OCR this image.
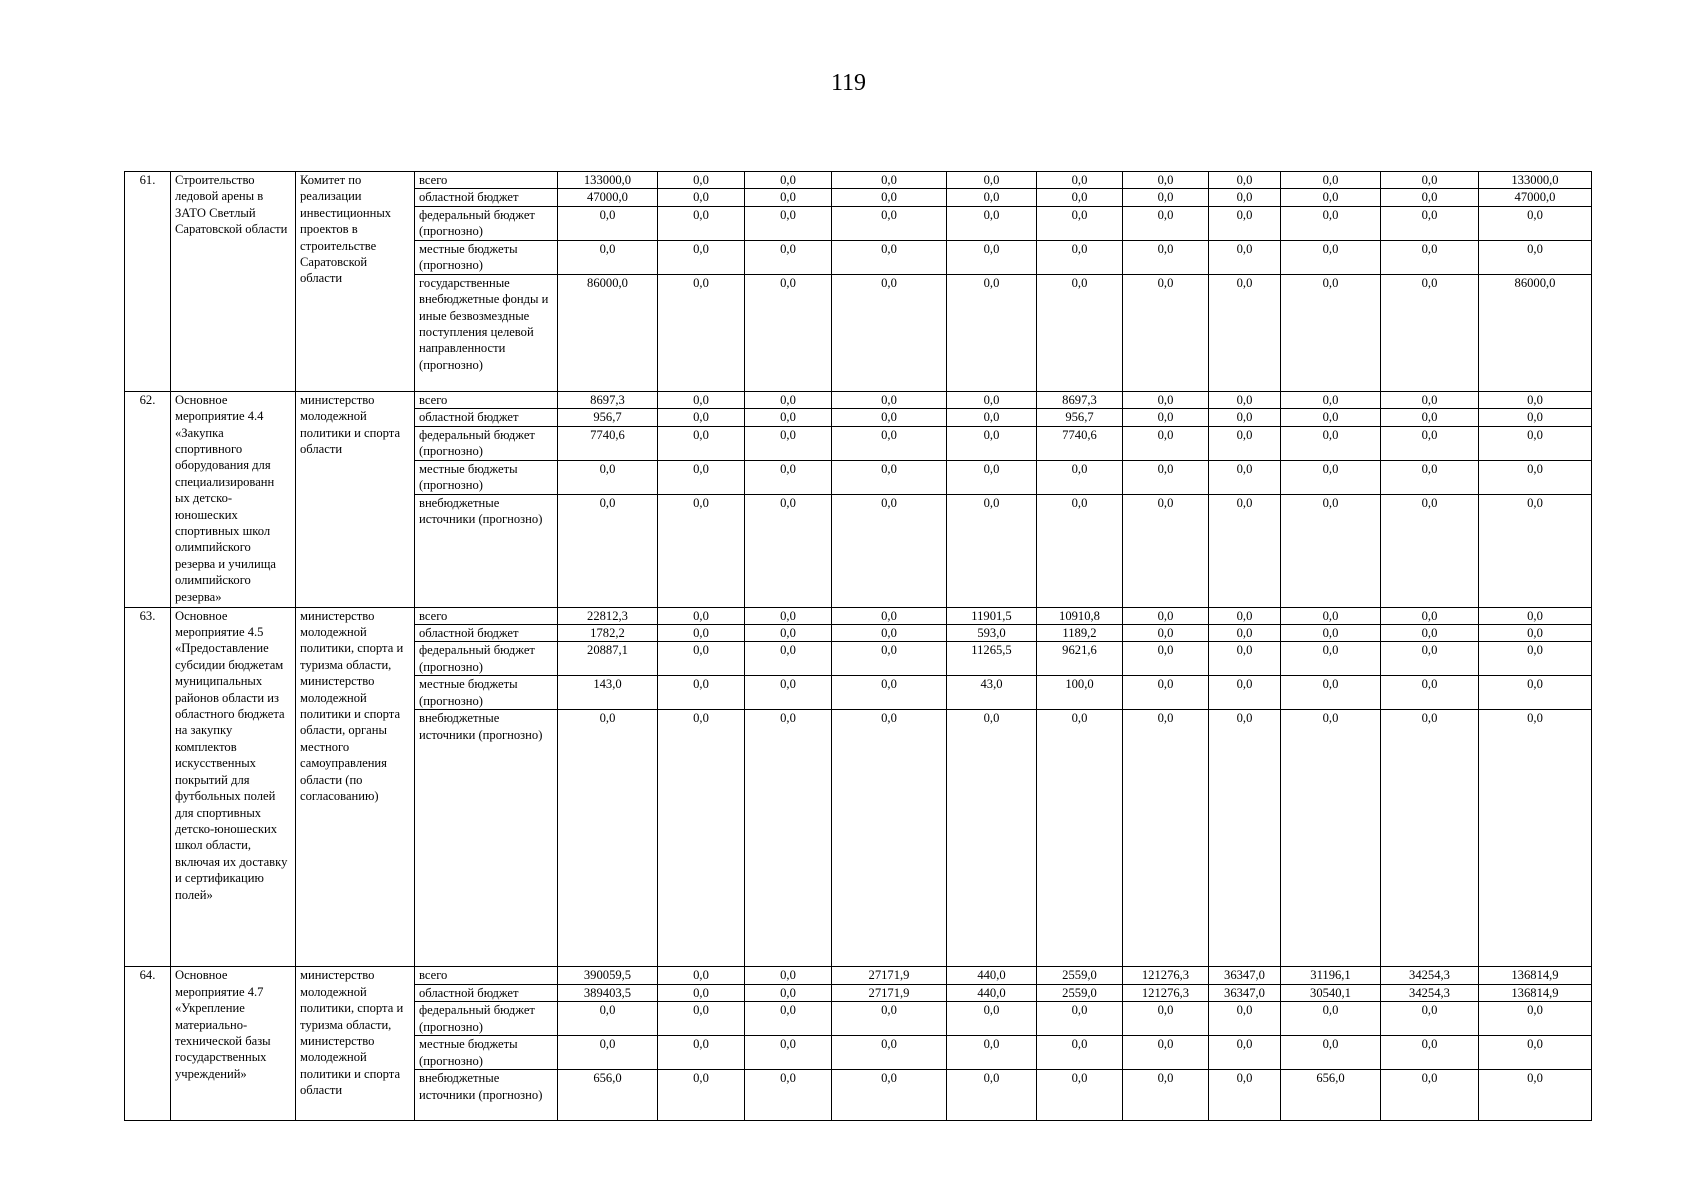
119
61.	Строительство ледовой арены в ЗАТО Светлый Саратовской области	Комитет по реализации инвестиционных проектов в строительстве Саратовской области	всего	133000,0	0,0	0,0	0,0	0,0	0,0	0,0	0,0	0,0	0,0	133000,0
			областной бюджет	47000,0	0,0	0,0	0,0	0,0	0,0	0,0	0,0	0,0	0,0	47000,0
			федеральный бюджет (прогнозно)	0,0	0,0	0,0	0,0	0,0	0,0	0,0	0,0	0,0	0,0	0,0
			местные бюджеты (прогнозно)	0,0	0,0	0,0	0,0	0,0	0,0	0,0	0,0	0,0	0,0	0,0
			государственные внебюджетные фонды и иные безвозмездные поступления целевой направленности (прогнозно)	86000,0	0,0	0,0	0,0	0,0	0,0	0,0	0,0	0,0	0,0	86000,0
62.	Основное мероприятие 4.4 «Закупка спортивного оборудования для специализированн ых детско-юношеских спортивных школ олимпийского резерва и училища олимпийского резерва»	министерство молодежной политики и спорта области	всего	8697,3	0,0	0,0	0,0	0,0	8697,3	0,0	0,0	0,0	0,0	0,0
			областной бюджет	956,7	0,0	0,0	0,0	0,0	956,7	0,0	0,0	0,0	0,0	0,0
			федеральный бюджет (прогнозно)	7740,6	0,0	0,0	0,0	0,0	7740,6	0,0	0,0	0,0	0,0	0,0
			местные бюджеты (прогнозно)	0,0	0,0	0,0	0,0	0,0	0,0	0,0	0,0	0,0	0,0	0,0
			внебюджетные источники (прогнозно)	0,0	0,0	0,0	0,0	0,0	0,0	0,0	0,0	0,0	0,0	0,0
63.	Основное мероприятие 4.5 «Предоставление субсидии бюджетам муниципальных районов области из областного бюджета на закупку комплектов искусственных покрытий для футбольных полей для спортивных детско-юношеских школ области, включая их доставку и сертификацию полей»	министерство молодежной политики, спорта и туризма области, министерство молодежной политики и спорта области, органы местного самоуправления области (по согласованию)	всего	22812,3	0,0	0,0	0,0	11901,5	10910,8	0,0	0,0	0,0	0,0	0,0
			областной бюджет	1782,2	0,0	0,0	0,0	593,0	1189,2	0,0	0,0	0,0	0,0	0,0
			федеральный бюджет (прогнозно)	20887,1	0,0	0,0	0,0	11265,5	9621,6	0,0	0,0	0,0	0,0	0,0
			местные бюджеты (прогнозно)	143,0	0,0	0,0	0,0	43,0	100,0	0,0	0,0	0,0	0,0	0,0
			внебюджетные источники (прогнозно)	0,0	0,0	0,0	0,0	0,0	0,0	0,0	0,0	0,0	0,0	0,0
64.	Основное мероприятие 4.7 «Укрепление материально-технической базы государственных учреждений»	министерство молодежной политики, спорта и туризма области, министерство молодежной политики и спорта области	всего	390059,5	0,0	0,0	27171,9	440,0	2559,0	121276,3	36347,0	31196,1	34254,3	136814,9
			областной бюджет	389403,5	0,0	0,0	27171,9	440,0	2559,0	121276,3	36347,0	30540,1	34254,3	136814,9
			федеральный бюджет (прогнозно)	0,0	0,0	0,0	0,0	0,0	0,0	0,0	0,0	0,0	0,0	0,0
			местные бюджеты (прогнозно)	0,0	0,0	0,0	0,0	0,0	0,0	0,0	0,0	0,0	0,0	0,0
			внебюджетные источники (прогнозно)	656,0	0,0	0,0	0,0	0,0	0,0	0,0	0,0	656,0	0,0	0,0
